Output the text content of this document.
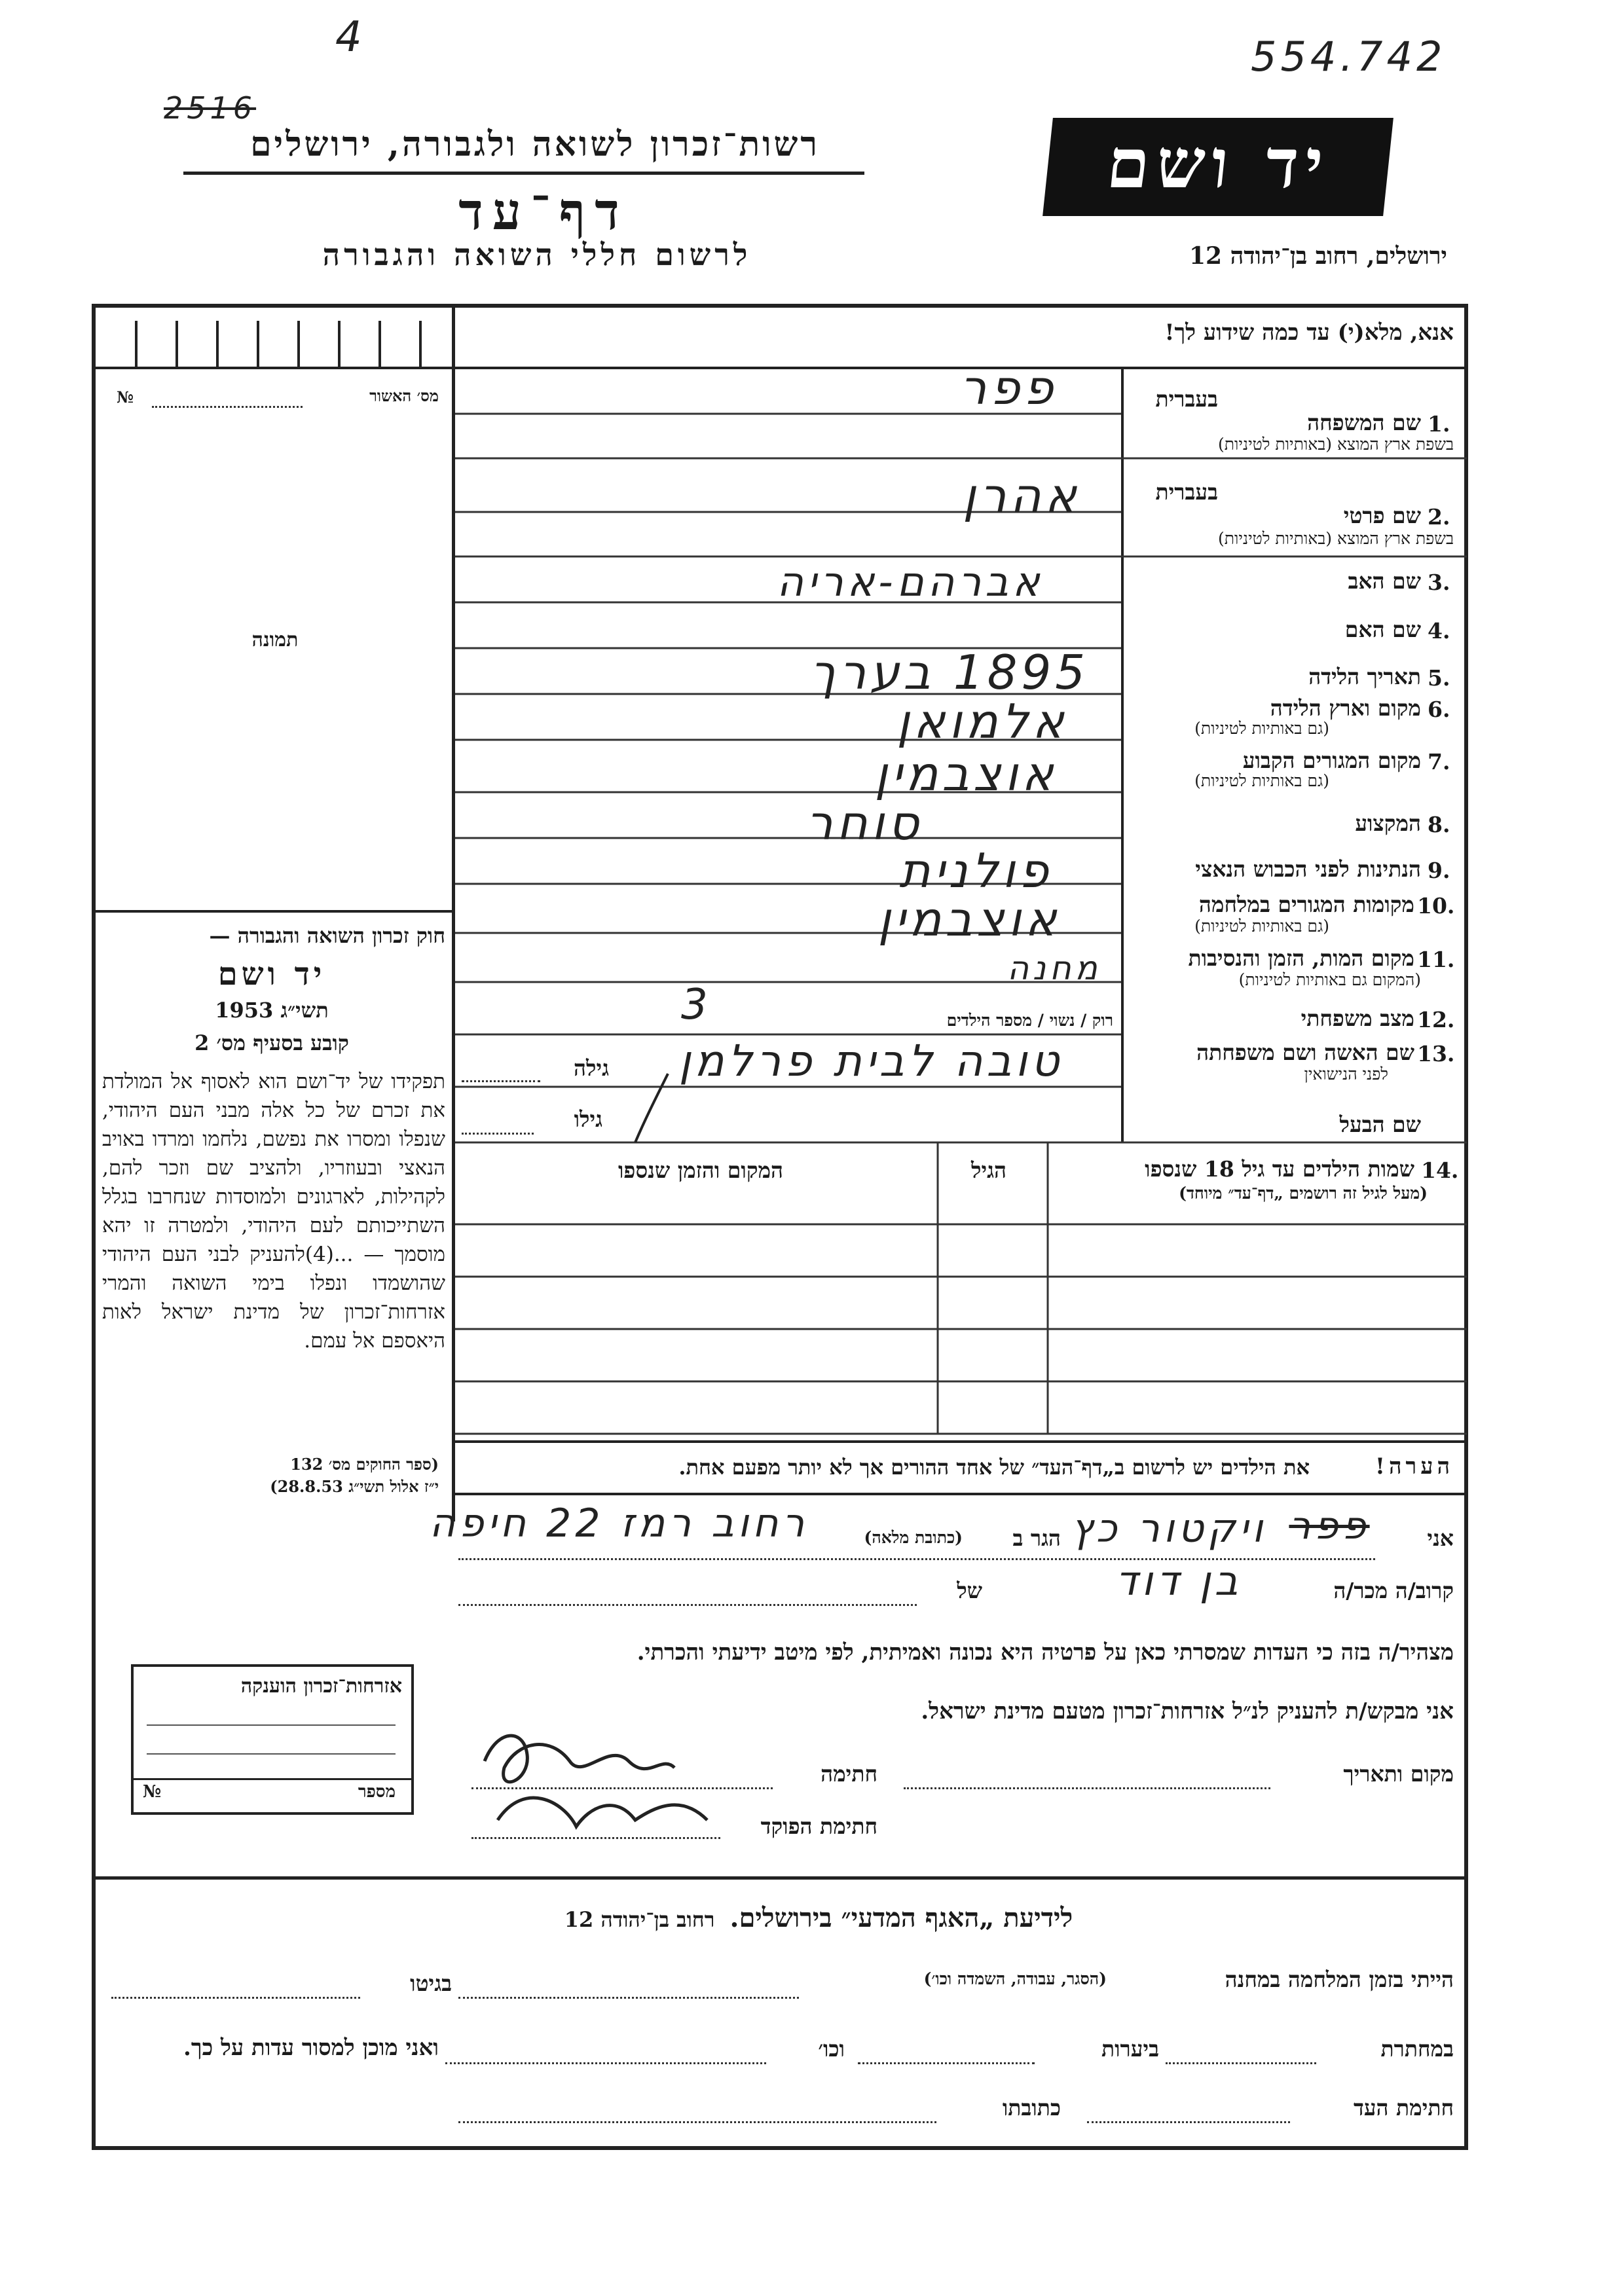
554.742
4
2516
רשות־זכרון לשואה ולגבורה, ירושלים
דף־עד
לרשום חללי השואה והגבורה
יד ושם
ירושלים, רחוב בן־יהודה 12
מס׳ האשור
№
תמונה
אנא, מלא(י) עד כמה שידוע לך!
בעברית
1.
שם המשפחה
בשפת ארץ המוצא (באותיות לטיניות)
פפר
בעברית
2.
שם פרטי
בשפת ארץ המוצא (באותיות לטיניות)
אהרן
3.
שם האב
אברהם-אריה
4.
שם האם
5.
תאריך הלידה
1895 בערך
6.
מקום וארץ הלידה
(גם באותיות לטיניות)
אלמואן
7.
מקום המגורים הקבוע
(גם באותיות לטיניות)
אוצבמין
8.
המקצוע
סוחר
9.
הנתינות לפני הכבוש הנאצי
פולנית
10.
מקומות המגורים במלחמה
(גם באותיות לטיניות)
אוצבמין
11.
מקום המות, הזמן והנסיבות
(המקום גם באותיות לטיניות)
מחנה
12.
מצב משפחתי
רוק / נשוי / מספר הילדים
3
13.
שם האשה ושם משפחתה
לפני הנישואין
גילה	טובה לבית פרלמן
שם הבעל
גילו
14.
שמות הילדים עד גיל 18 שנספו
(מעל לגיל זה רושמים „דף־עד״ מיוחד)
הגיל
המקום והזמן שנספו
חוק זכרון השואה והגבורה —
יד ושם
תשי״ג 1953
קובע בסעיף מס׳ 2
תפקידו של יד־ושם הוא לאסוף אל המולדת את זכרם של כל אלה מבני העם היהודי, שנפלו ומסרו את נפשם, נלחמו ומרדו באויב הנאצי ובעוזריו, ולהציב שם וזכר להם, לקהילות, לארגונים ולמוסדות שנחרבו בגלל השתייכותם לעם היהודי, ולמטרה זו יהא מוסמך — ...(4)להעניק לבני העם היהודי שהושמדו ונפלו בימי השואה והמרי אזרחות־זכרון של מדינת ישראל לאות היאספם אל עמם.
(ספר החוקים מס׳ 132
י״ז אלול תשי״ג 28.8.53)
הערה!
את הילדים יש לרשום ב„דף־העד״ של אחד ההורים אך לא יותר מפעם אחת.
אני
פפר
ויקטור כץ
הגר ב
(כתובת מלאה)
רחוב רמז 22 חיפה
קרוב/ה מכר/ה
בן דוד
של
מצהיר/ה בזה כי העדות שמסרתי כאן על פרטיה היא נכונה ואמיתית, לפי מיטב ידיעתי והכרתי.
אני מבקש/ת להעניק לנ״ל אזרחות־זכרון מטעם מדינת ישראל.
מקום ותאריך
חתימה
חתימת הפוקד
אזרחות־זכרון הוענקה
מספר
№
רחוב בן־יהודה 12 לידיעת „האגף המדעי״ בירושלים.
הייתי בזמן המלחמה במחנה
(הסגר, עבודה, השמדה וכו׳)
בגיטו
במחתרת
ביערות
וכו׳
ואני מוכן למסור עדות על כך.
חתימת העד
כתובתו
